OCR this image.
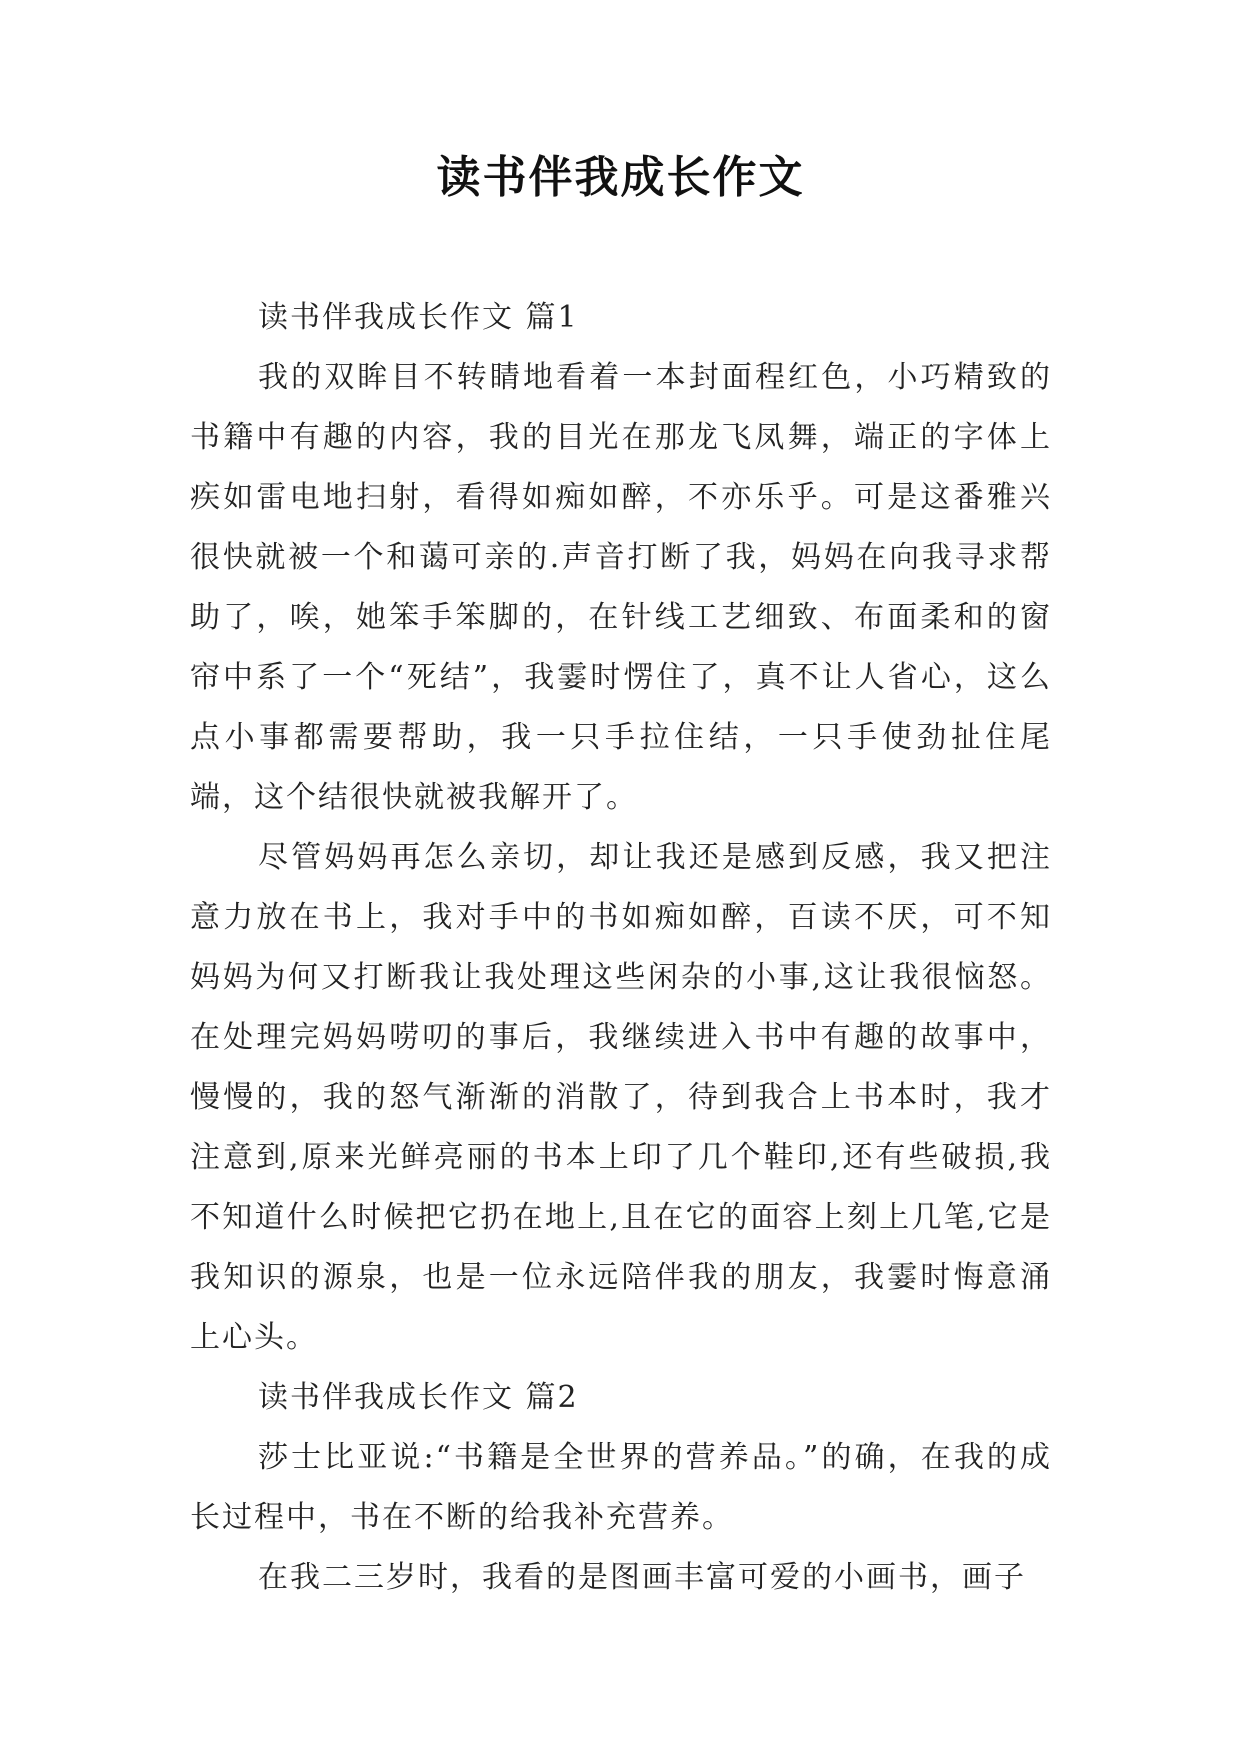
读书伴我成长作文

读书伴我成长作文 篇1

我的双眸目不转睛地看着一本封面程红色，小巧精致的书籍中有趣的内容，我的目光在那龙飞凤舞，端正的字体上疾如雷电地扫射，看得如痴如醉，不亦乐乎。可是这番雅兴很快就被一个和蔼可亲的.声音打断了我，妈妈在向我寻求帮助了，唉，她笨手笨脚的，在针线工艺细致、布面柔和的窗帘中系了一个“死结”，我霎时愣住了，真不让人省心，这么点小事都需要帮助，我一只手拉住结，一只手使劲扯住尾端，这个结很快就被我解开了。

尽管妈妈再怎么亲切，却让我还是感到反感，我又把注意力放在书上，我对手中的书如痴如醉，百读不厌，可不知妈妈为何又打断我让我处理这些闲杂的小事,这让我很恼怒。在处理完妈妈唠叨的事后，我继续进入书中有趣的故事中，慢慢的，我的怒气渐渐的消散了，待到我合上书本时，我才注意到,原来光鲜亮丽的书本上印了几个鞋印,还有些破损,我不知道什么时候把它扔在地上,且在它的面容上刻上几笔,它是我知识的源泉，也是一位永远陪伴我的朋友，我霎时悔意涌上心头。

读书伴我成长作文 篇2

莎士比亚说:“书籍是全世界的营养品。”的确，在我的成长过程中，书在不断的给我补充营养。

在我二三岁时，我看的是图画丰富可爱的小画书，画子
